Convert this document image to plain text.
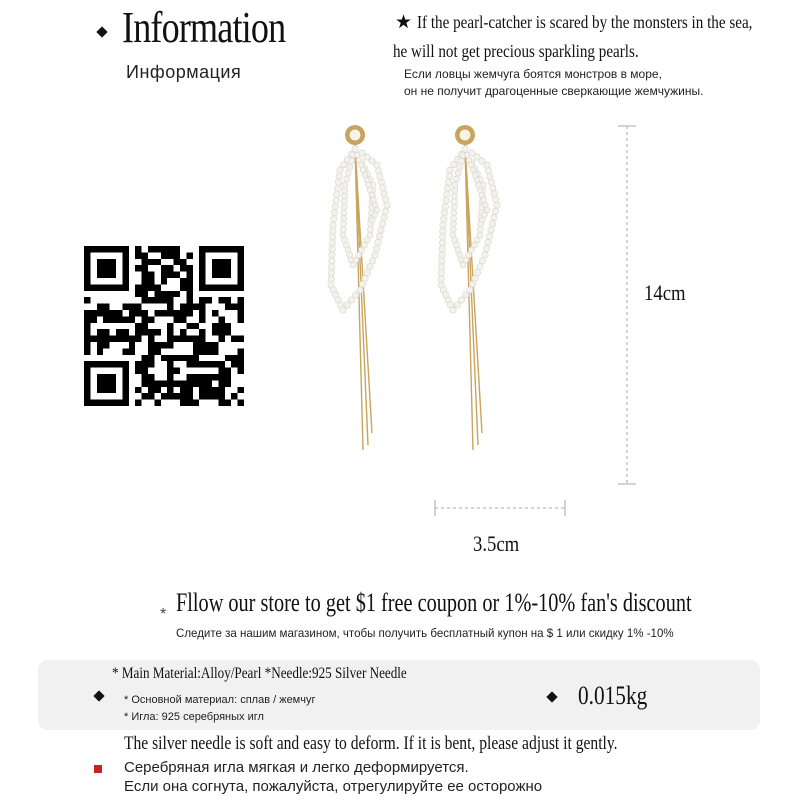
Information
Информация
★ If the pearl-catcher is scared by the monsters in the sea,
he will not get precious sparkling pearls.
Если ловцы жемчуга боятся монстров в море,
он не получит драгоценные сверкающие жемчужины.
14cm
3.5cm
* Fllow our store to get $1 free coupon or 1%-10% fan's discount
Следите за нашим магазином, чтобы получить бесплатный купон на $ 1 или скидку 1% -10%
* Main Material:Alloy/Pearl *Needle:925 Silver Needle
* Основной материал: сплав / жемчуг
* Игла: 925 серебряных игл
0.015kg
The silver needle is soft and easy to deform. If it is bent, please adjust it gently.
Серебряная игла мягкая и легко деформируется.
Если она согнута, пожалуйста, отрегулируйте ее осторожно
